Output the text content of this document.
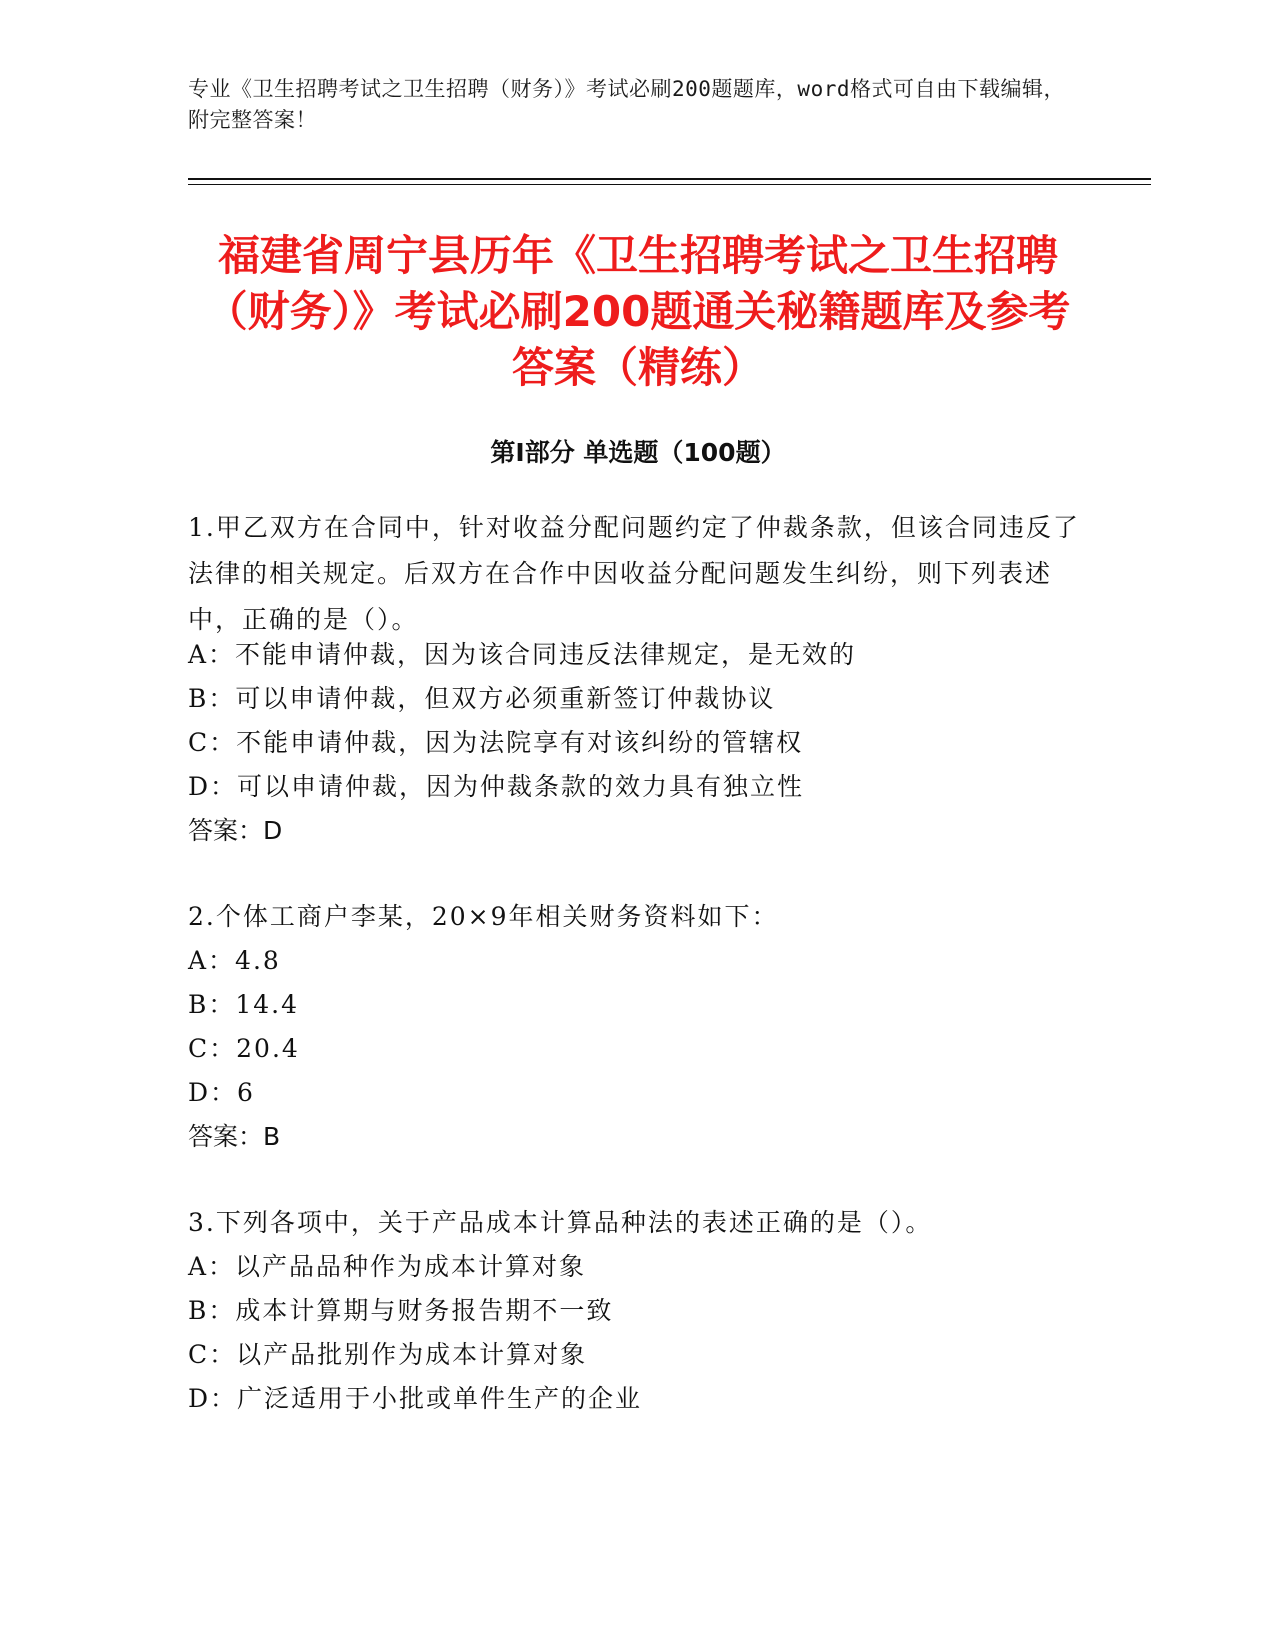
专业《卫生招聘考试之卫生招聘（财务）》考试必刷200题题库，word格式可自由下载编辑，附完整答案！
福建省周宁县历年《卫生招聘考试之卫生招聘（财务）》考试必刷200题通关秘籍题库及参考答案（精练）
第Ⅰ部分 单选题（100题）
1.甲乙双方在合同中，针对收益分配问题约定了仲裁条款，但该合同违反了法律的相关规定。后双方在合作中因收益分配问题发生纠纷，则下列表述中，正确的是（）。
A：不能申请仲裁，因为该合同违反法律规定，是无效的
B：可以申请仲裁，但双方必须重新签订仲裁协议
C：不能申请仲裁，因为法院享有对该纠纷的管辖权
D：可以申请仲裁，因为仲裁条款的效力具有独立性
答案：D
2.个体工商户李某，20×9年相关财务资料如下：
A：4.8
B：14.4
C：20.4
D：6
答案：B
3.下列各项中，关于产品成本计算品种法的表述正确的是（）。
A：以产品品种作为成本计算对象
B：成本计算期与财务报告期不一致
C：以产品批别作为成本计算对象
D：广泛适用于小批或单件生产的企业
